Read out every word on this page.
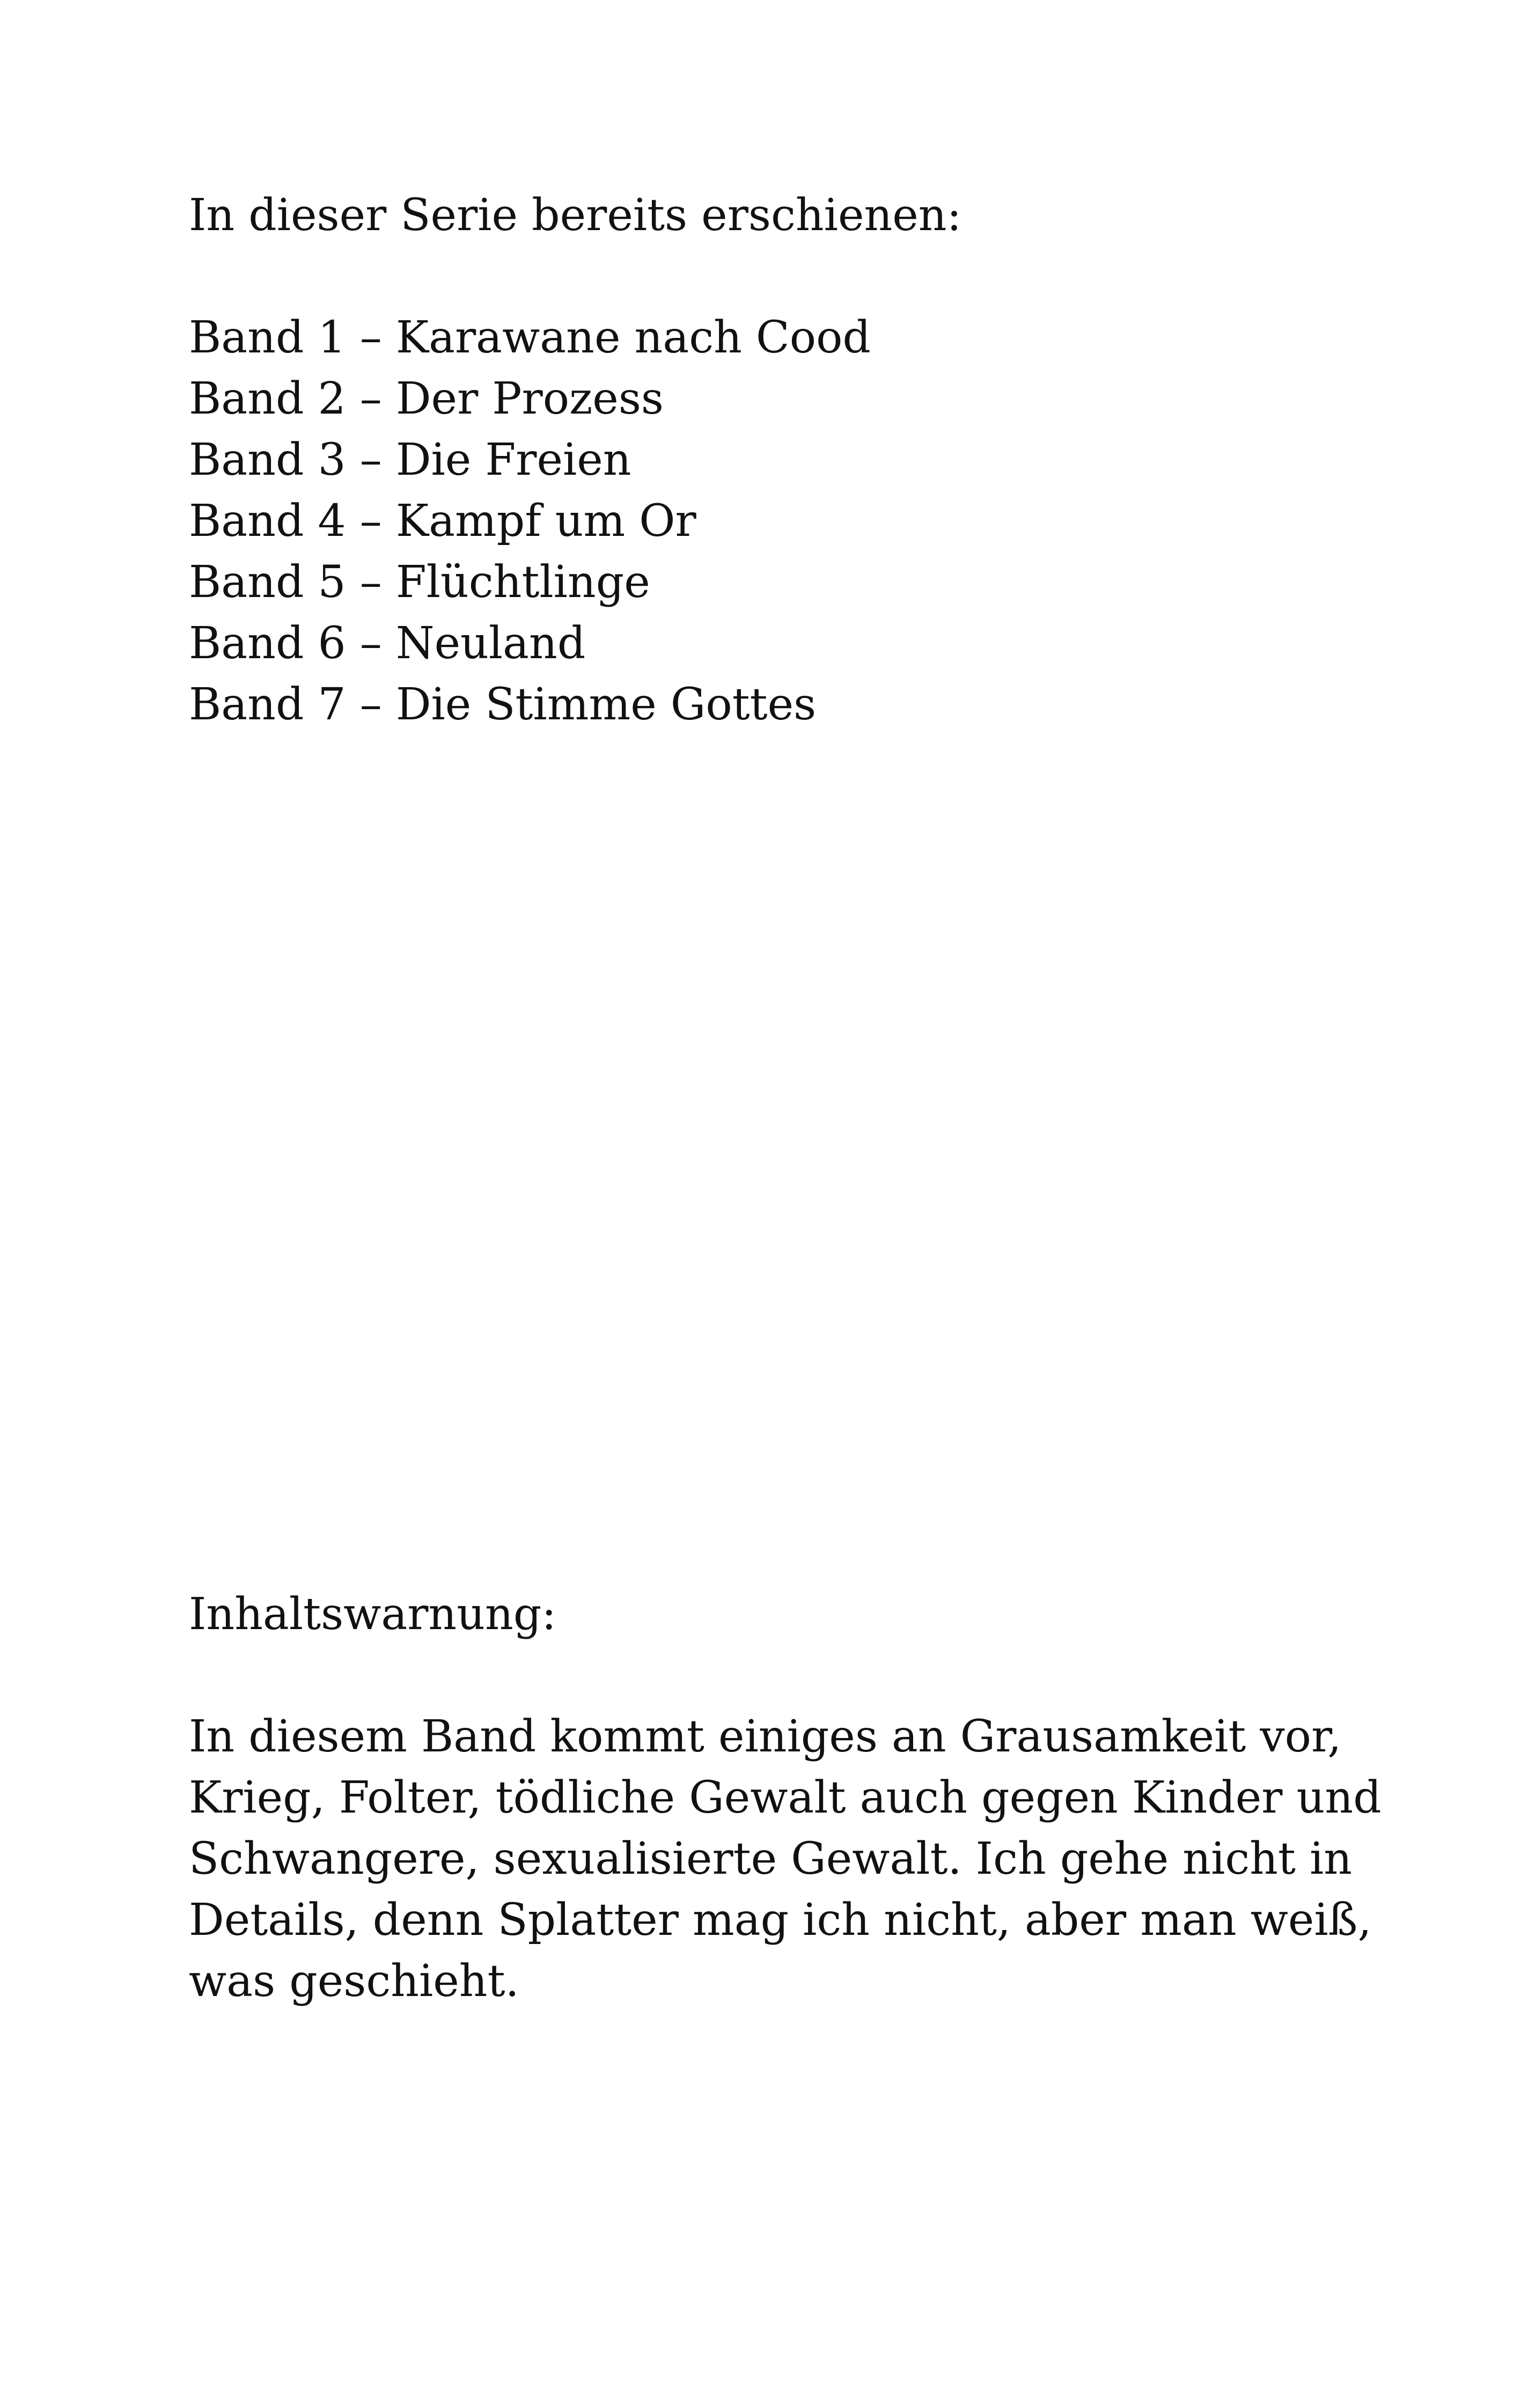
In dieser Serie bereits erschienen:
Band 1 – Karawane nach Cood
Band 2 – Der Prozess
Band 3 – Die Freien
Band 4 – Kampf um Or
Band 5 – Flüchtlinge
Band 6 – Neuland
Band 7 – Die Stimme Gottes
Inhaltswarnung:
In diesem Band kommt einiges an Grausamkeit vor,
Krieg, Folter, tödliche Gewalt auch gegen Kinder und
Schwangere, sexualisierte Gewalt. Ich gehe nicht in
Details, denn Splatter mag ich nicht, aber man weiß,
was geschieht.
